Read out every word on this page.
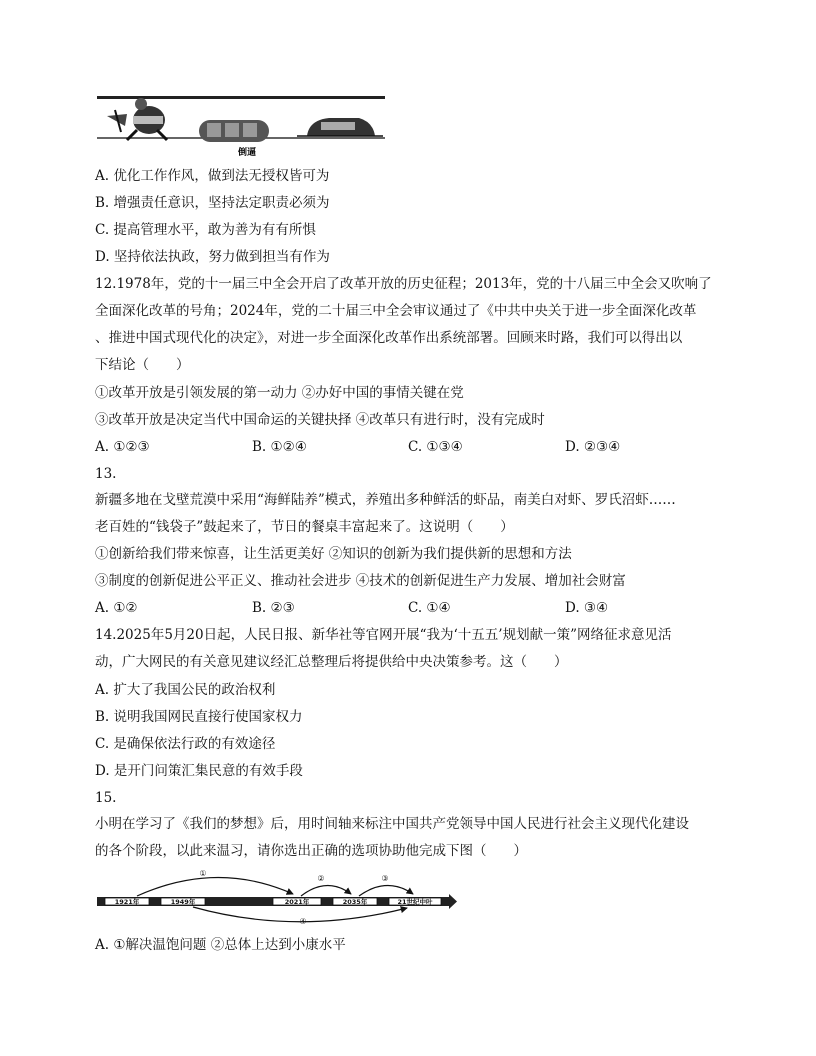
倒逼
A. 优化工作作风，做到法无授权皆可为
B. 增强责任意识，坚持法定职责必须为
C. 提高管理水平，敢为善为有有所惧
D. 坚持依法执政，努力做到担当有作为
12.1978年，党的十一届三中全会开启了改革开放的历史征程；2013年，党的十八届三中全会又吹响了
全面深化改革的号角；2024年，党的二十届三中全会审议通过了《中共中央关于进一步全面深化改革
、推进中国式现代化的决定》，对进一步全面深化改革作出系统部署。回顾来时路，我们可以得出以
下结论（　　）
①改革开放是引领发展的第一动力 ②办好中国的事情关键在党
③改革开放是决定当代中国命运的关键抉择 ④改革只有进行时，没有完成时
A. ①②③	B. ①②④	C. ①③④	D. ②③④
13.
新疆多地在戈壁荒漠中采用“海鲜陆养”模式，养殖出多种鲜活的虾品，南美白对虾、罗氏沼虾……
老百姓的“钱袋子”鼓起来了，节日的餐桌丰富起来了。这说明（　　）
①创新给我们带来惊喜，让生活更美好 ②知识的创新为我们提供新的思想和方法
③制度的创新促进公平正义、推动社会进步 ④技术的创新促进生产力发展、增加社会财富
A. ①②	B. ②③	C. ①④	D. ③④
14.2025年5月20日起，人民日报、新华社等官网开展“我为‘十五五’规划献一策”网络征求意见活
动，广大网民的有关意见建议经汇总整理后将提供给中央决策参考。这（　　）
A. 扩大了我国公民的政治权利
B. 说明我国网民直接行使国家权力
C. 是确保依法行政的有效途径
D. 是开门问策汇集民意的有效手段
15.
小明在学习了《我们的梦想》后，用时间轴来标注中国共产党领导中国人民进行社会主义现代化建设
的各个阶段，以此来温习，请你选出正确的选项协助他完成下图（　　）
1921年	1949年	2021年	2035年	21世纪中叶
①
②	③
④
A. ①解决温饱问题 ②总体上达到小康水平
